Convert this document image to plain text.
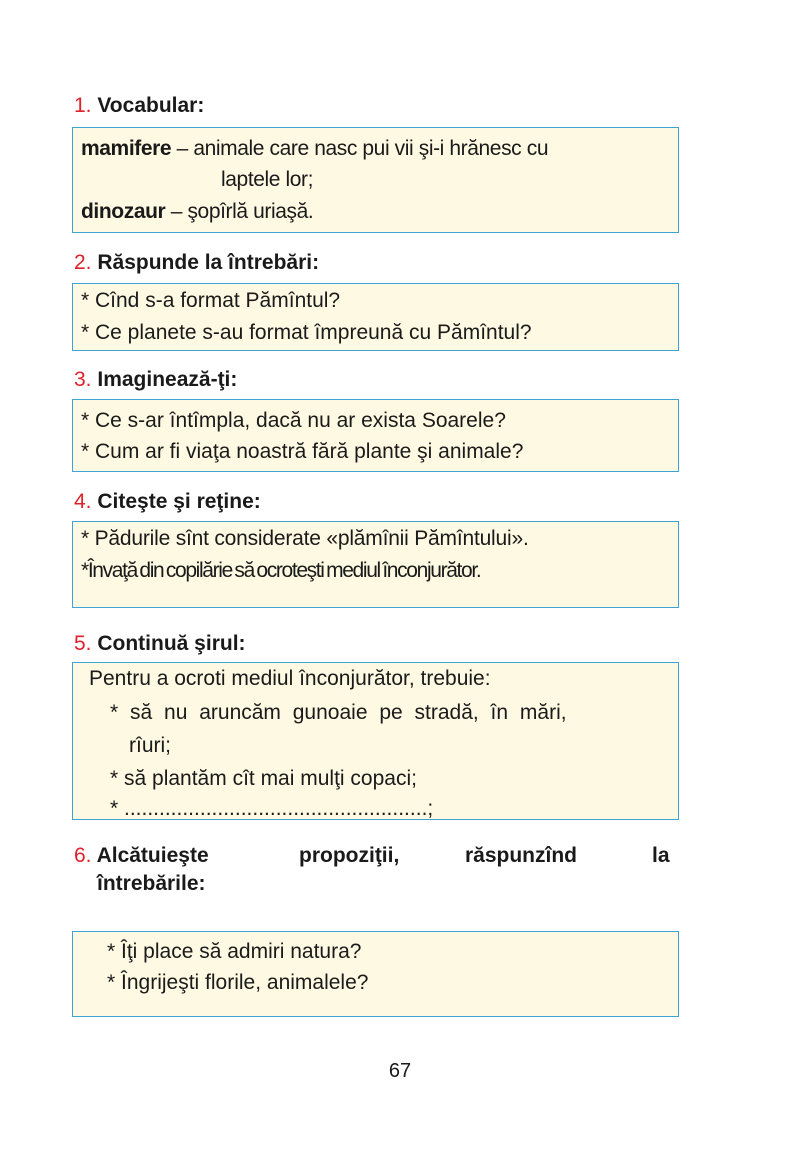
1. Vocabular:
mamifere – animale care nasc pui vii şi-i hrănesc cu
laptele lor;
dinozaur – şopîrlă uriaşă.
2. Răspunde la întrebări:
* Cînd s-a format Pămîntul?
* Ce planete s-au format împreună cu Pămîntul?
3. Imaginează-ţi:
* Ce s-ar întîmpla, dacă nu ar exista Soarele?
* Cum ar fi viaţa noastră fără plante şi animale?
4. Citeşte şi reţine:
* Pădurile sînt considerate «plămînii Pămîntului».
*Învaţă din copilărie să ocroteşti mediul înconjurător.
5. Continuă şirul:
Pentru a ocroti mediul înconjurător, trebuie:
* să nu aruncăm gunoaie pe stradă, în mări,
rîuri;
* să plantăm cît mai mulţi copaci;
* ....................................................;
6. Alcătuieşte	propoziţii,	răspunzînd	la
întrebările:
* Îţi place să admiri natura?
* Îngrijeşti florile, animalele?
67
